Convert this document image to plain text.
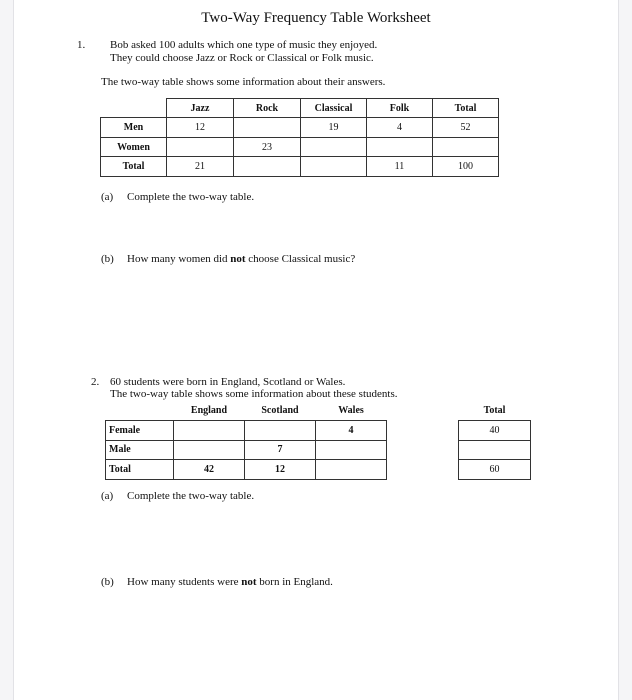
Two-Way Frequency Table Worksheet
1. Bob asked 100 adults which one type of music they enjoyed.
They could choose Jazz or Rock or Classical or Folk music.
The two-way table shows some information about their answers.
	Jazz	Rock	Classical	Folk	Total
Men	12		19	4	52
Women		23			
Total	21			11	100
(a) Complete the two-way table.
(b) How many women did not choose Classical music?
2. 60 students were born in England, Scotland or Wales.
The two-way table shows some information about these students.
	England	Scotland	Wales		Total
Female			4		40
Male		7			
Total	42	12			60
(a) Complete the two-way table.
(b) How many students were not born in England.
